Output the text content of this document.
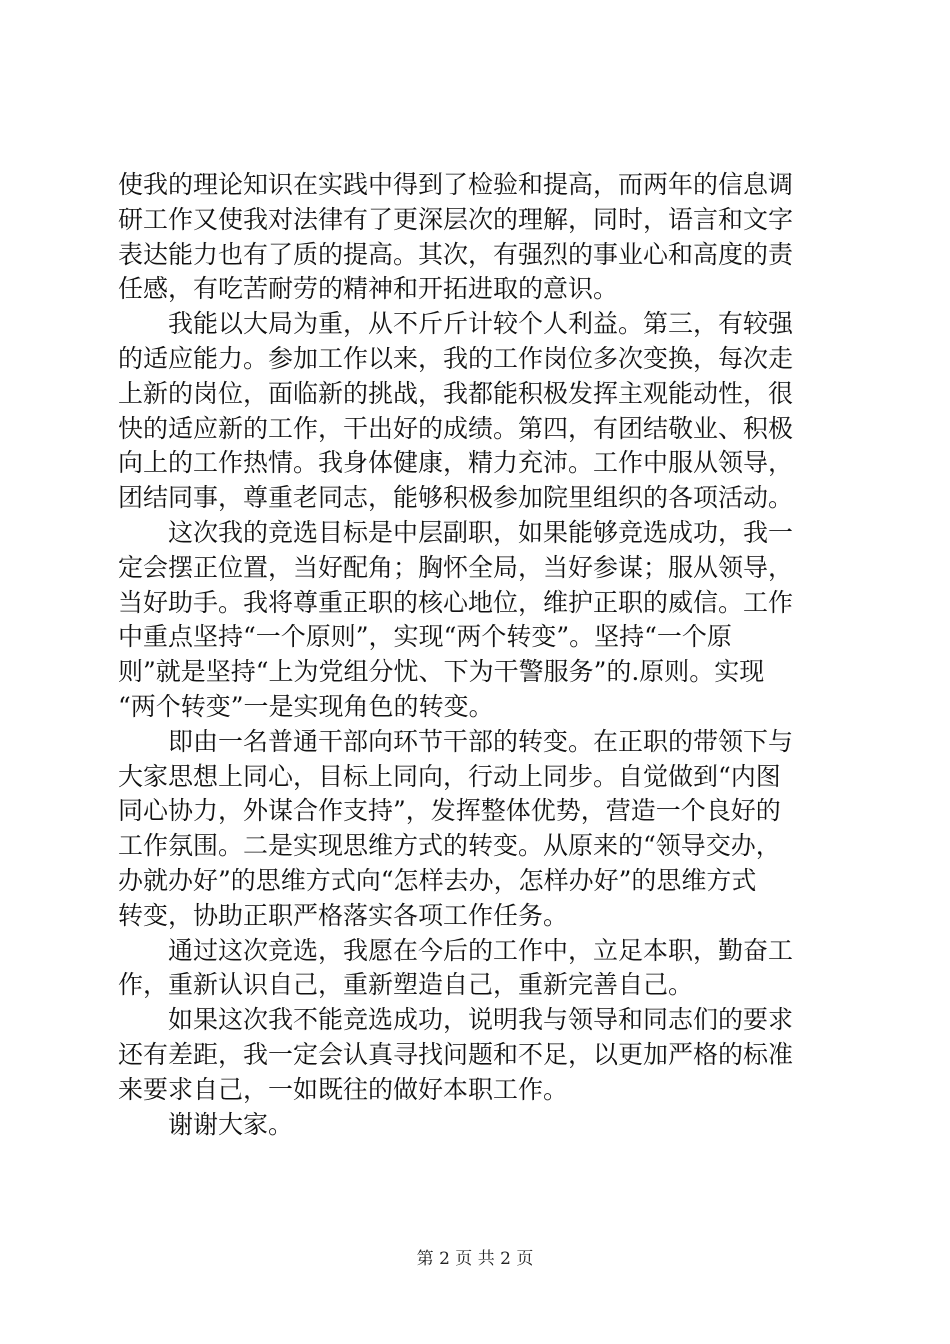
使我的理论知识在实践中得到了检验和提高，而两年的信息调
研工作又使我对法律有了更深层次的理解，同时，语言和文字
表达能力也有了质的提高。其次，有强烈的事业心和高度的责
任感，有吃苦耐劳的精神和开拓进取的意识。

　　我能以大局为重，从不斤斤计较个人利益。第三，有较强
的适应能力。参加工作以来，我的工作岗位多次变换，每次走
上新的岗位，面临新的挑战，我都能积极发挥主观能动性，很
快的适应新的工作，干出好的成绩。第四，有团结敬业、积极
向上的工作热情。我身体健康，精力充沛。工作中服从领导，
团结同事，尊重老同志，能够积极参加院里组织的各项活动。

　　这次我的竞选目标是中层副职，如果能够竞选成功，我一
定会摆正位置，当好配角；胸怀全局，当好参谋；服从领导，
当好助手。我将尊重正职的核心地位，维护正职的威信。工作
中重点坚持“一个原则”，实现“两个转变”。坚持“一个原
则”就是坚持“上为党组分忧、下为干警服务”的.原则。实现
“两个转变”一是实现角色的转变。

　　即由一名普通干部向环节干部的转变。在正职的带领下与
大家思想上同心，目标上同向，行动上同步。自觉做到“内图
同心协力，外谋合作支持”，发挥整体优势，营造一个良好的
工作氛围。二是实现思维方式的转变。从原来的“领导交办，
办就办好”的思维方式向“怎样去办，怎样办好”的思维方式
转变，协助正职严格落实各项工作任务。

　　通过这次竞选，我愿在今后的工作中，立足本职，勤奋工
作，重新认识自己，重新塑造自己，重新完善自己。

　　如果这次我不能竞选成功，说明我与领导和同志们的要求
还有差距，我一定会认真寻找问题和不足，以更加严格的标准
来要求自己，一如既往的做好本职工作。

　　谢谢大家。

第 2 页 共 2 页
